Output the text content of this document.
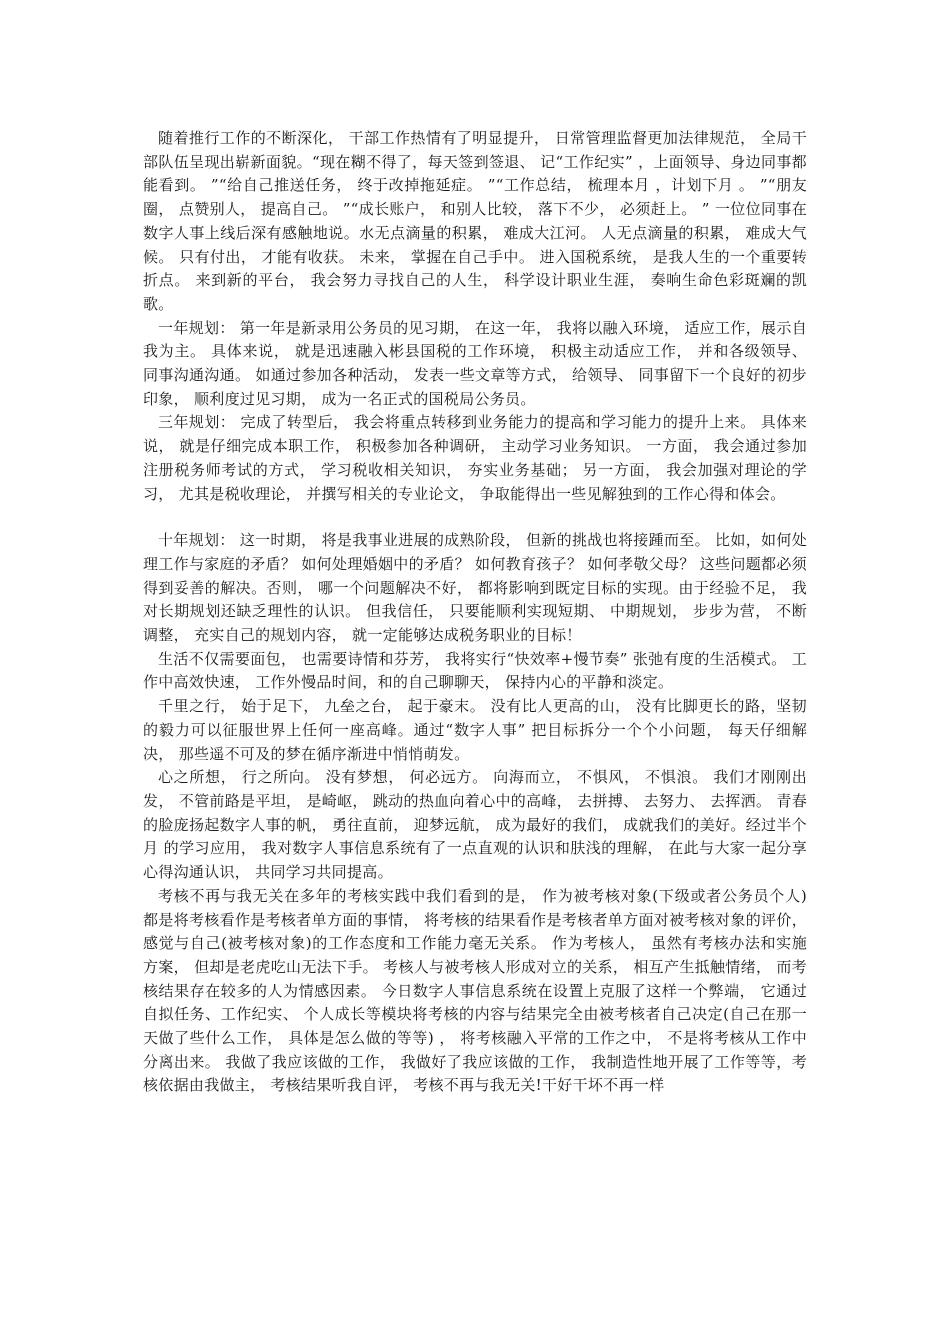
随着推行工作的不断深化， 干部工作热情有了明显提升， 日常管理监督更加法律规范， 全局干部队伍呈现出崭新面貌。“现在糊不得了，每天签到签退、 记“工作纪实” ，上面领导、身边同事都能看到。 ”“给自己推送任务， 终于改掉拖延症。 ”“工作总结， 梳理本月 ，计划下月 。 ”“朋友圈， 点赞别人， 提高自己。 ”“成长账户， 和别人比较， 落下不少， 必须赶上。 ” 一位位同事在数字人事上线后深有感触地说。水无点滴量的积累， 难成大江河。 人无点滴量的积累， 难成大气候。 只有付出， 才能有收获。 未来， 掌握在自己手中。 进入国税系统， 是我人生的一个重要转折点。 来到新的平台， 我会努力寻找自己的人生， 科学设计职业生涯， 奏响生命色彩斑斓的凯歌。

一年规划： 第一年是新录用公务员的见习期， 在这一年， 我将以融入环境， 适应工作，展示自我为主。 具体来说， 就是迅速融入彬县国税的工作环境， 积极主动适应工作， 并和各级领导、 同事沟通沟通。 如通过参加各种活动， 发表一些文章等方式， 给领导、 同事留下一个良好的初步印象， 顺利度过见习期， 成为一名正式的国税局公务员。

三年规划： 完成了转型后， 我会将重点转移到业务能力的提高和学习能力的提升上来。 具体来说， 就是仔细完成本职工作， 积极参加各种调研， 主动学习业务知识。 一方面， 我会通过参加注册税务师考试的方式， 学习税收相关知识， 夯实业务基础； 另一方面， 我会加强对理论的学习， 尤其是税收理论， 并撰写相关的专业论文， 争取能得出一些见解独到的工作心得和体会。

十年规划： 这一时期， 将是我事业进展的成熟阶段， 但新的挑战也将接踵而至。 比如，如何处理工作与家庭的矛盾？ 如何处理婚姻中的矛盾？ 如何教育孩子？ 如何孝敬父母？ 这些问题都必须得到妥善的解决。否则， 哪一个问题解决不好， 都将影响到既定目标的实现。由于经验不足， 我对长期规划还缺乏理性的认识。 但我信任， 只要能顺利实现短期、 中期规划， 步步为营， 不断调整， 充实自己的规划内容， 就一定能够达成税务职业的目标！

生活不仅需要面包， 也需要诗情和芬芳， 我将实行“快效率+慢节奏” 张弛有度的生活模式。 工作中高效快速， 工作外慢品时间，和的自己聊聊天， 保持内心的平静和淡定。

千里之行， 始于足下， 九垒之台， 起于豪末。 没有比人更高的山， 没有比脚更长的路，坚韧的毅力可以征服世界上任何一座高峰。通过“数字人事” 把目标拆分一个个小问题， 每天仔细解决， 那些遥不可及的梦在循序渐进中悄悄萌发。

心之所想， 行之所向。 没有梦想， 何必远方。 向海而立， 不惧风， 不惧浪。 我们才刚刚出发， 不管前路是平坦， 是崎岖， 跳动的热血向着心中的高峰， 去拼搏、 去努力、 去挥洒。 青春的脸庞扬起数字人事的帆， 勇往直前， 迎梦远航， 成为最好的我们， 成就我们的美好。经过半个月 的学习应用， 我对数字人事信息系统有了一点直观的认识和肤浅的理解， 在此与大家一起分享心得沟通认识， 共同学习共同提高。

考核不再与我无关在多年的考核实践中我们看到的是， 作为被考核对象(下级或者公务员个人) 都是将考核看作是考核者单方面的事情， 将考核的结果看作是考核者单方面对被考核对象的评价， 感觉与自己(被考核对象)的工作态度和工作能力毫无关系。 作为考核人， 虽然有考核办法和实施方案， 但却是老虎吃山无法下手。 考核人与被考核人形成对立的关系， 相互产生抵触情绪， 而考核结果存在较多的人为情感因素。 今日数字人事信息系统在设置上克服了这样一个弊端， 它通过自拟任务、工作纪实、 个人成长等模块将考核的内容与结果完全由被考核者自己决定(自己在那一天做了些什么工作， 具体是怎么做的等等) ， 将考核融入平常的工作之中， 不是将考核从工作中分离出来。 我做了我应该做的工作， 我做好了我应该做的工作， 我制造性地开展了工作等等，考核依据由我做主， 考核结果听我自评， 考核不再与我无关!干好干坏不再一样
